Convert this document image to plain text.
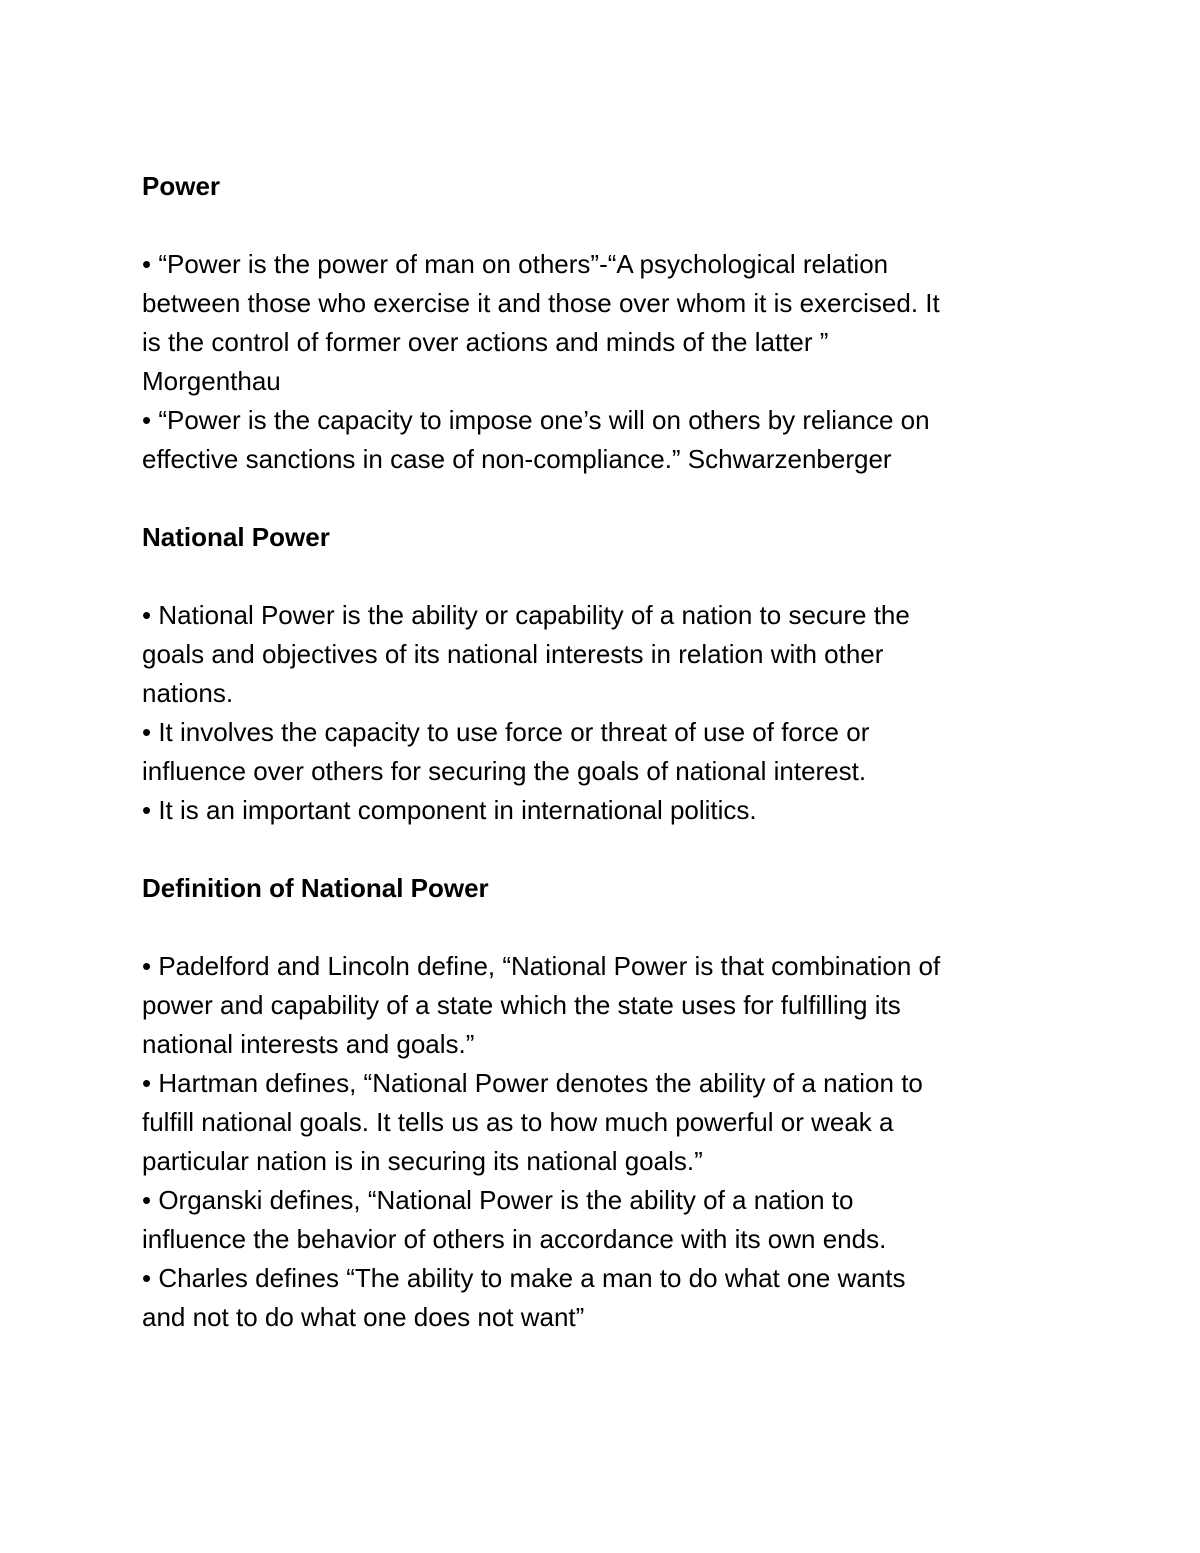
Power

• “Power is the power of man on others”-“A psychological relation

between those who exercise it and those over whom it is exercised. It

is the control of former over actions and minds of the latter ”

Morgenthau

• “Power is the capacity to impose one’s will on others by reliance on

effective sanctions in case of non-compliance.” Schwarzenberger

National Power

• National Power is the ability or capability of a nation to secure the

goals and objectives of its national interests in relation with other

nations.

• It involves the capacity to use force or threat of use of force or

influence over others for securing the goals of national interest.

• It is an important component in international politics.

Definition of National Power

• Padelford and Lincoln define, “National Power is that combination of

power and capability of a state which the state uses for fulfilling its

national interests and goals.”

• Hartman defines, “National Power denotes the ability of a nation to

fulfill national goals. It tells us as to how much powerful or weak a

particular nation is in securing its national goals.”

• Organski defines, “National Power is the ability of a nation to

influence the behavior of others in accordance with its own ends.

• Charles defines “The ability to make a man to do what one wants

and not to do what one does not want”
